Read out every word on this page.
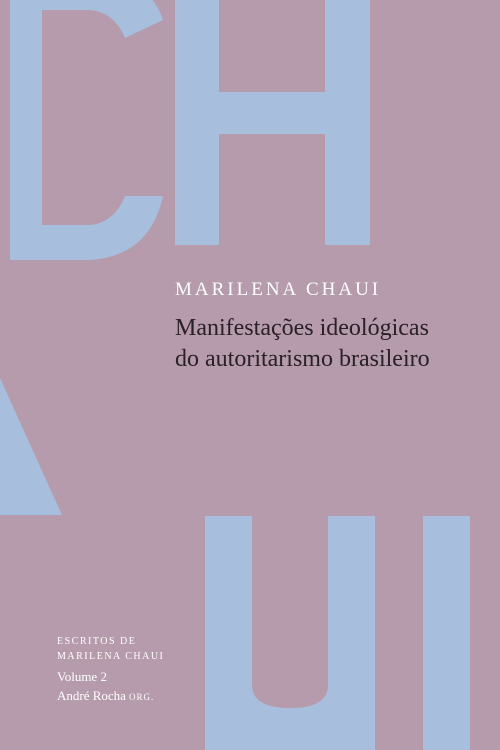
MARILENA CHAUI
Manifestações ideológicas
do autoritarismo brasileiro

ESCRITOS DE
MARILENA CHAUI

Volume 2
André Rocha ORG.
